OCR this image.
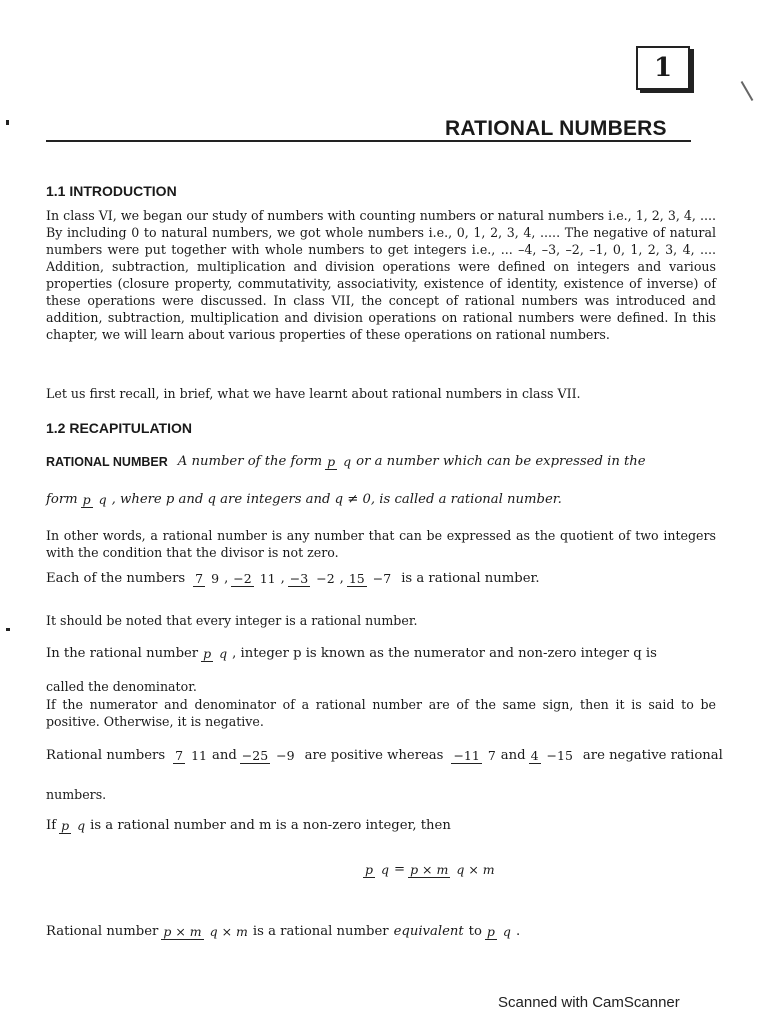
1
RATIONAL NUMBERS
1.1 INTRODUCTION
In class VI, we began our study of numbers with counting numbers or natural numbers i.e., 1, 2, 3, 4, .... By including 0 to natural numbers, we got whole numbers i.e., 0, 1, 2, 3, 4, ..... The negative of natural numbers were put together with whole numbers to get integers i.e., ... –4, –3, –2, –1, 0, 1, 2, 3, 4, .... Addition, subtraction, multiplication and division operations were defined on integers and various properties (closure property, commutativity, associativity, existence of identity, existence of inverse) of these operations were discussed. In class VII, the concept of rational numbers was introduced and addition, subtraction, multiplication and division operations on rational numbers were defined. In this chapter, we will learn about various properties of these operations on rational numbers.
Let us first recall, in brief, what we have learnt about rational numbers in class VII.
1.2 RECAPITULATION
RATIONAL NUMBER A number of the form p q or a number which can be expressed in the
form p q , where p and q are integers and q ≠ 0, is called a rational number.
In other words, a rational number is any number that can be expressed as the quotient of two integers with the condition that the divisor is not zero.
Each of the numbers 7 9 , −2 11 , −3 −2 , 15 −7 is a rational number.
It should be noted that every integer is a rational number.
In the rational number p q , integer p is known as the numerator and non-zero integer q is
called the denominator.
If the numerator and denominator of a rational number are of the same sign, then it is said to be positive. Otherwise, it is negative.
Rational numbers 7 11 and −25 −9 are positive whereas −11 7 and 4 −15 are negative rational
numbers.
If p q is a rational number and m is a non-zero integer, then
p q = p × m q × m
Rational number p × m q × m is a rational number equivalent to p q .
Scanned with CamScanner
